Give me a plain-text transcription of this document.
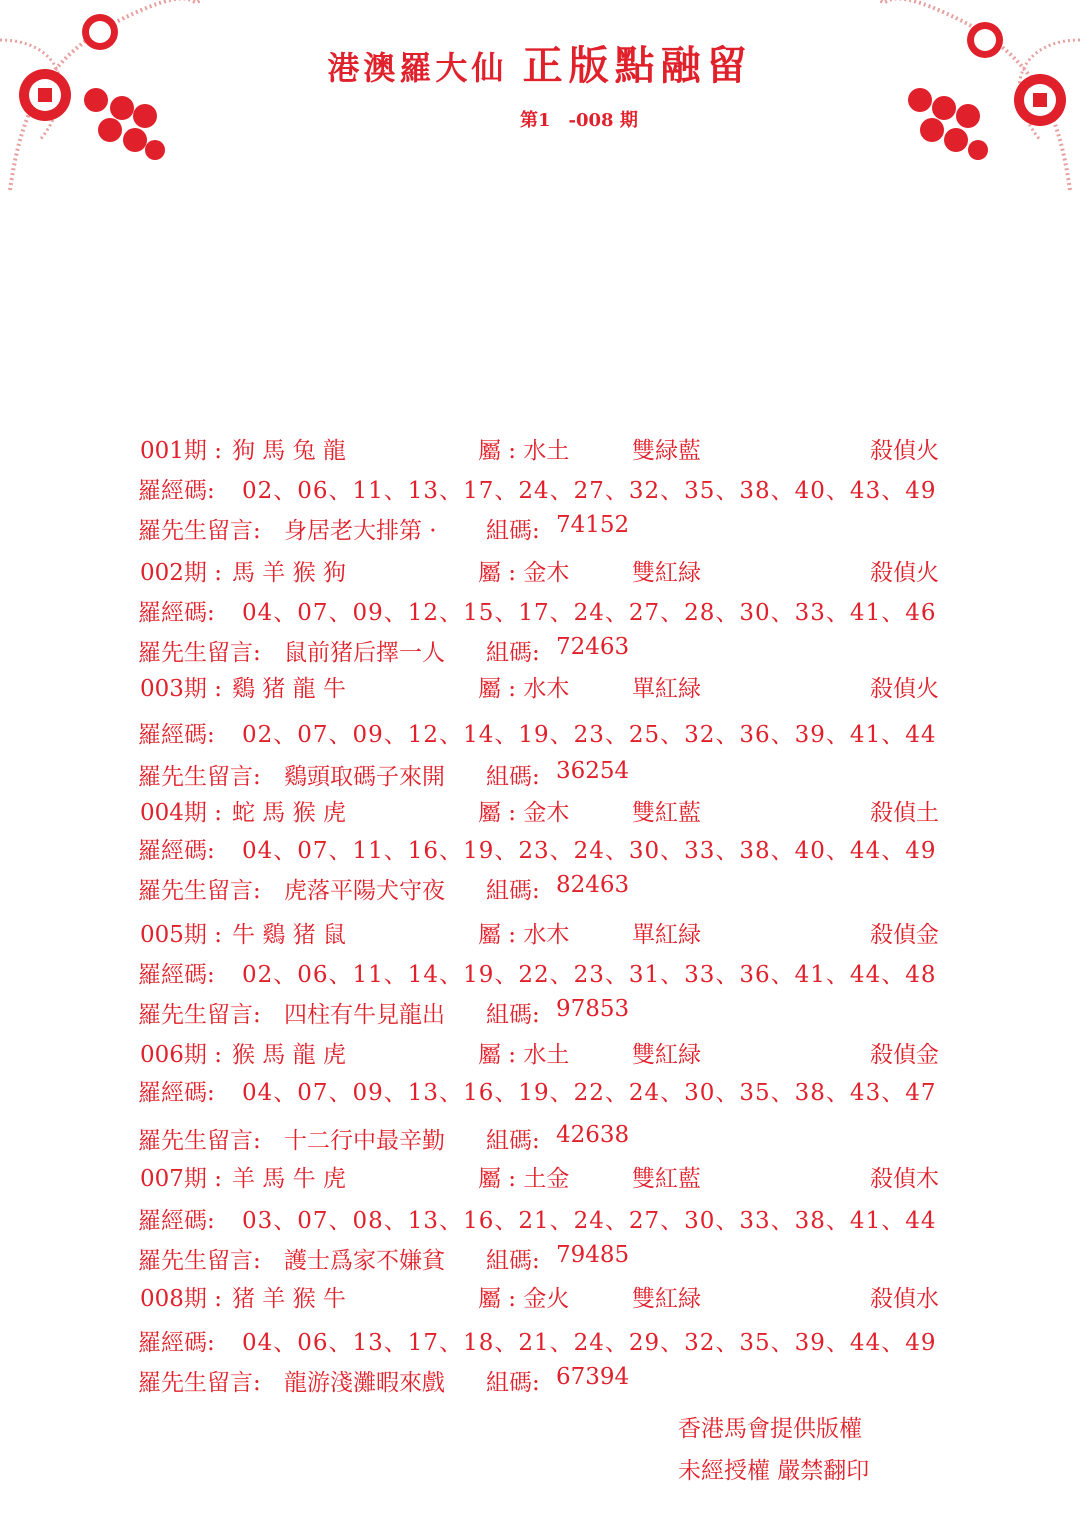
港澳羅大仙 正版點融留
第1　-008 期
001期 : 狗 馬 兔 龍	屬 : 水土	雙緑藍	殺偵火
羅經碼: 02、06、11、13、17、24、27、32、35、38、40、43、49
羅先生留言: 身居老大排第 · 組碼: 74152
002期 : 馬 羊 猴 狗	屬 : 金木	雙紅緑	殺偵火
羅經碼: 04、07、09、12、15、17、24、27、28、30、33、41、46
羅先生留言: 鼠前猪后擇一人 組碼: 72463
003期 : 鷄 猪 龍 牛	屬 : 水木	單紅緑	殺偵火
羅經碼: 02、07、09、12、14、19、23、25、32、36、39、41、44
羅先生留言: 鷄頭取碼子來開 組碼: 36254
004期 : 蛇 馬 猴 虎	屬 : 金木	雙紅藍	殺偵土
羅經碼: 04、07、11、16、19、23、24、30、33、38、40、44、49
羅先生留言: 虎落平陽犬守夜 組碼: 82463
005期 : 牛 鷄 猪 鼠	屬 : 水木	單紅緑	殺偵金
羅經碼: 02、06、11、14、19、22、23、31、33、36、41、44、48
羅先生留言: 四柱有牛見龍出 組碼: 97853
006期 : 猴 馬 龍 虎	屬 : 水土	雙紅緑	殺偵金
羅經碼: 04、07、09、13、16、19、22、24、30、35、38、43、47
羅先生留言: 十二行中最辛勤 組碼: 42638
007期 : 羊 馬 牛 虎	屬 : 土金	雙紅藍	殺偵木
羅經碼: 03、07、08、13、16、21、24、27、30、33、38、41、44
羅先生留言: 護士爲家不嫌貧 組碼: 79485
008期 : 猪 羊 猴 牛	屬 : 金火	雙紅緑	殺偵水
羅經碼: 04、06、13、17、18、21、24、29、32、35、39、44、49
羅先生留言: 龍游淺灘暇來戲 組碼: 67394
香港馬會提供版權
未經授權 嚴禁翻印
